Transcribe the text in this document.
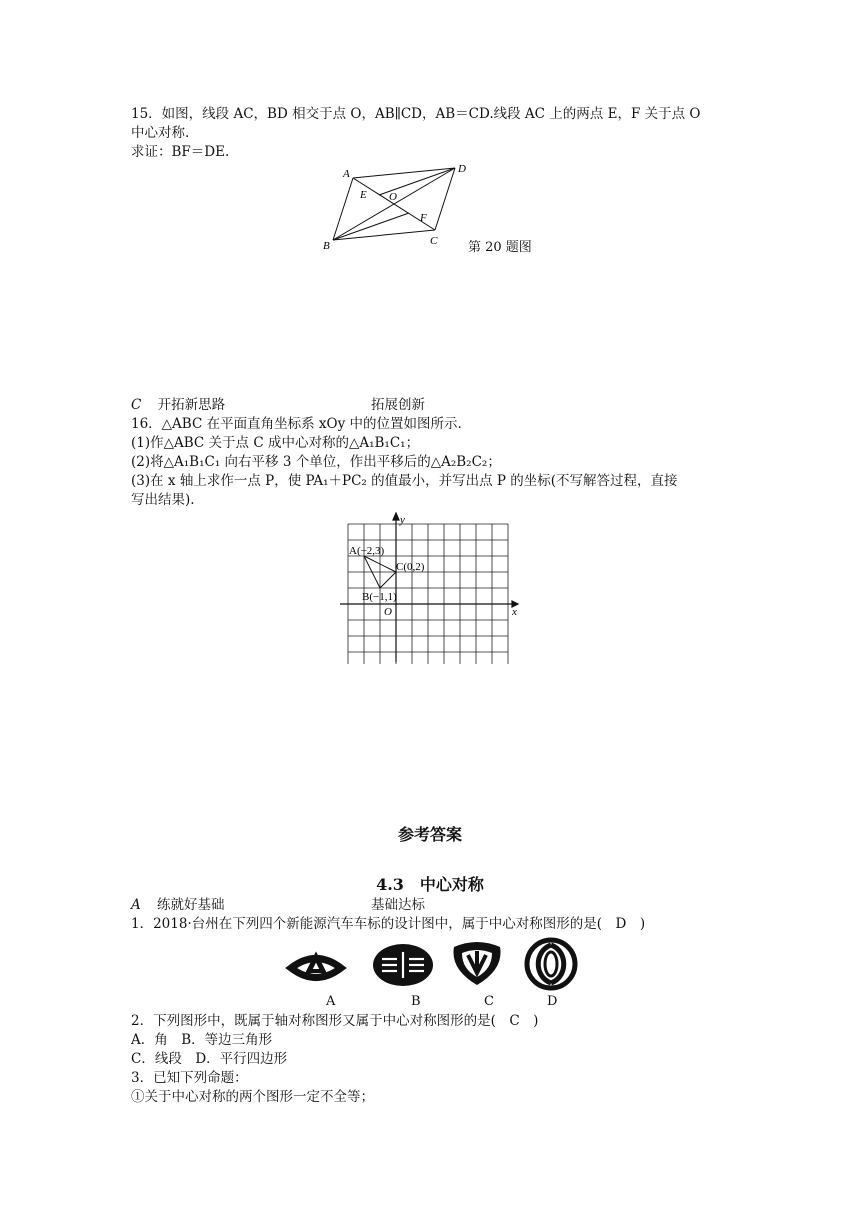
15．如图，线段 AC，BD 相交于点 O，AB∥CD，AB＝CD.线段 AC 上的两点 E，F 关于点 O
中心对称.
求证：BF＝DE.
A
B	C
D
E
F
O
第 20 题图
C 开拓新思路	拓展创新
16．△ABC 在平面直角坐标系 xOy 中的位置如图所示.
(1)作△ABC 关于点 C 成中心对称的△A₁B₁C₁；
(2)将△A₁B₁C₁ 向右平移 3 个单位，作出平移后的△A₂B₂C₂；
(3)在 x 轴上求作一点 P，使 PA₁＋PC₂ 的值最小，并写出点 P 的坐标(不写解答过程，直接
写出结果).
x
y
O
A(−2,3)
C(0,2)
B(−1,1)
参考答案
4.3　中心对称
A 练就好基础	基础达标
1．2018·台州在下列四个新能源汽车车标的设计图中，属于中心对称图形的是(　D　)
A	B	C	D
2．下列图形中，既属于轴对称图形又属于中心对称图形的是(　C　)
A．角　B．等边三角形
C．线段　D．平行四边形
3．已知下列命题：
①关于中心对称的两个图形一定不全等；
